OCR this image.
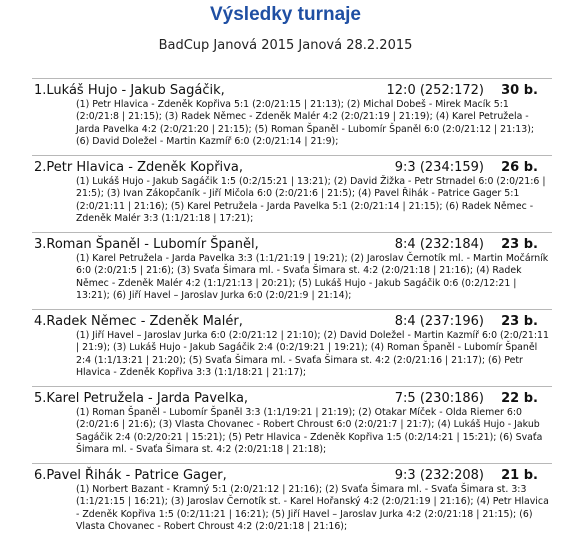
Výsledky turnaje
BadCup Janová 2015 Janová 28.2.2015
1.Lukáš Hujo - Jakub Sagáčik,	12:0 (252:172) 30 b.
(1) Petr Hlavica - Zdeněk Kopřiva 5:1 (2:0/21:15 | 21:13); (2) Michal Dobeš - Mirek Macík 5:1 (2:0/21:8 | 21:15); (3) Radek Němec - Zdeněk Malér 4:2 (2:0/21:19 | 21:19); (4) Karel Petruželа - Jarda Pavelka 4:2 (2:0/21:20 | 21:15); (5) Roman Španěl - Lubomír Španěl 6:0 (2:0/21:12 | 21:13); (6) David Doležel - Martin Kazmíř 6:0 (2:0/21:14 | 21:9);
2.Petr Hlavica - Zdeněk Kopřiva,	9:3 (234:159) 26 b.
(1) Lukáš Hujo - Jakub Sagáčik 1:5 (0:2/15:21 | 13:21); (2) David Žižka - Petr Strnadel 6:0 (2:0/21:6 | 21:5); (3) Ivan Zákopčaník - Jiří Mičola 6:0 (2:0/21:6 | 21:5); (4) Pavel Řihák - Patrice Gager 5:1 (2:0/21:11 | 21:16); (5) Karel Petruželа - Jarda Pavelka 5:1 (2:0/21:14 | 21:15); (6) Radek Němec - Zdeněk Malér 3:3 (1:1/21:18 | 17:21);
3.Roman Španěl - Lubomír Španěl,	8:4 (232:184) 23 b.
(1) Karel Petruželа - Jarda Pavelka 3:3 (1:1/21:19 | 19:21); (2) Jaroslav Černotík ml. - Martin Močárník 6:0 (2:0/21:5 | 21:6); (3) Svaťa Šimara ml. - Svaťa Šimara st. 4:2 (2:0/21:18 | 21:16); (4) Radek Němec - Zdeněk Malér 4:2 (1:1/21:13 | 20:21); (5) Lukáš Hujo - Jakub Sagáčik 0:6 (0:2/12:21 | 13:21); (6) Jiří Havel – Jaroslav Jurka 6:0 (2:0/21:9 | 21:14);
4.Radek Němec - Zdeněk Malér,	8:4 (237:196) 23 b.
(1) Jiří Havel – Jaroslav Jurka 6:0 (2:0/21:12 | 21:10); (2) David Doležel - Martin Kazmíř 6:0 (2:0/21:11 | 21:9); (3) Lukáš Hujo - Jakub Sagáčik 2:4 (0:2/19:21 | 19:21); (4) Roman Španěl - Lubomír Španěl 2:4 (1:1/13:21 | 21:20); (5) Svaťa Šimara ml. - Svaťa Šimara st. 4:2 (2:0/21:16 | 21:17); (6) Petr Hlavica - Zdeněk Kopřiva 3:3 (1:1/18:21 | 21:17);
5.Karel Petruželа - Jarda Pavelka,	7:5 (230:186) 22 b.
(1) Roman Španěl - Lubomír Španěl 3:3 (1:1/19:21 | 21:19); (2) Otakar Míček - Olda Riemer 6:0 (2:0/21:6 | 21:6); (3) Vlasta Chovanec - Robert Chroust 6:0 (2:0/21:7 | 21:7); (4) Lukáš Hujo - Jakub Sagáčik 2:4 (0:2/20:21 | 15:21); (5) Petr Hlavica - Zdeněk Kopřiva 1:5 (0:2/14:21 | 15:21); (6) Svaťa Šimara ml. - Svaťa Šimara st. 4:2 (2:0/21:18 | 21:18);
6.Pavel Řihák - Patrice Gager,	9:3 (232:208) 21 b.
(1) Norbert Bazant - Kramný 5:1 (2:0/21:12 | 21:16); (2) Svaťa Šimara ml. - Svaťa Šimara st. 3:3 (1:1/21:15 | 16:21); (3) Jaroslav Černotík st. - Karel Hořanský 4:2 (2:0/21:19 | 21:16); (4) Petr Hlavica - Zdeněk Kopřiva 1:5 (0:2/11:21 | 16:21); (5) Jiří Havel – Jaroslav Jurka 4:2 (2:0/21:18 | 21:15); (6) Vlasta Chovanec - Robert Chroust 4:2 (2:0/21:18 | 21:16);
